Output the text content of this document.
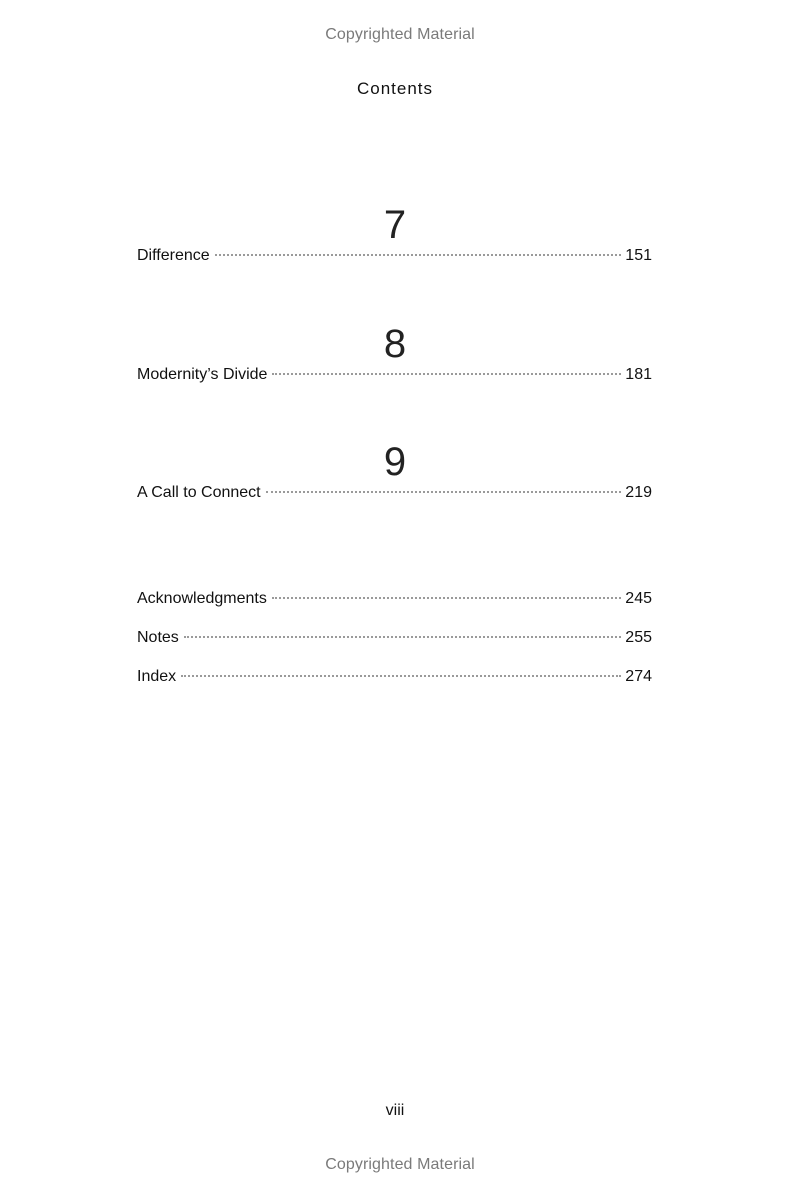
Copyrighted Material
Contents
7
Difference	151
8
Modernity’s Divide	181
9
A Call to Connect	219
Acknowledgments	245
Notes	255
Index	274
viii
Copyrighted Material
